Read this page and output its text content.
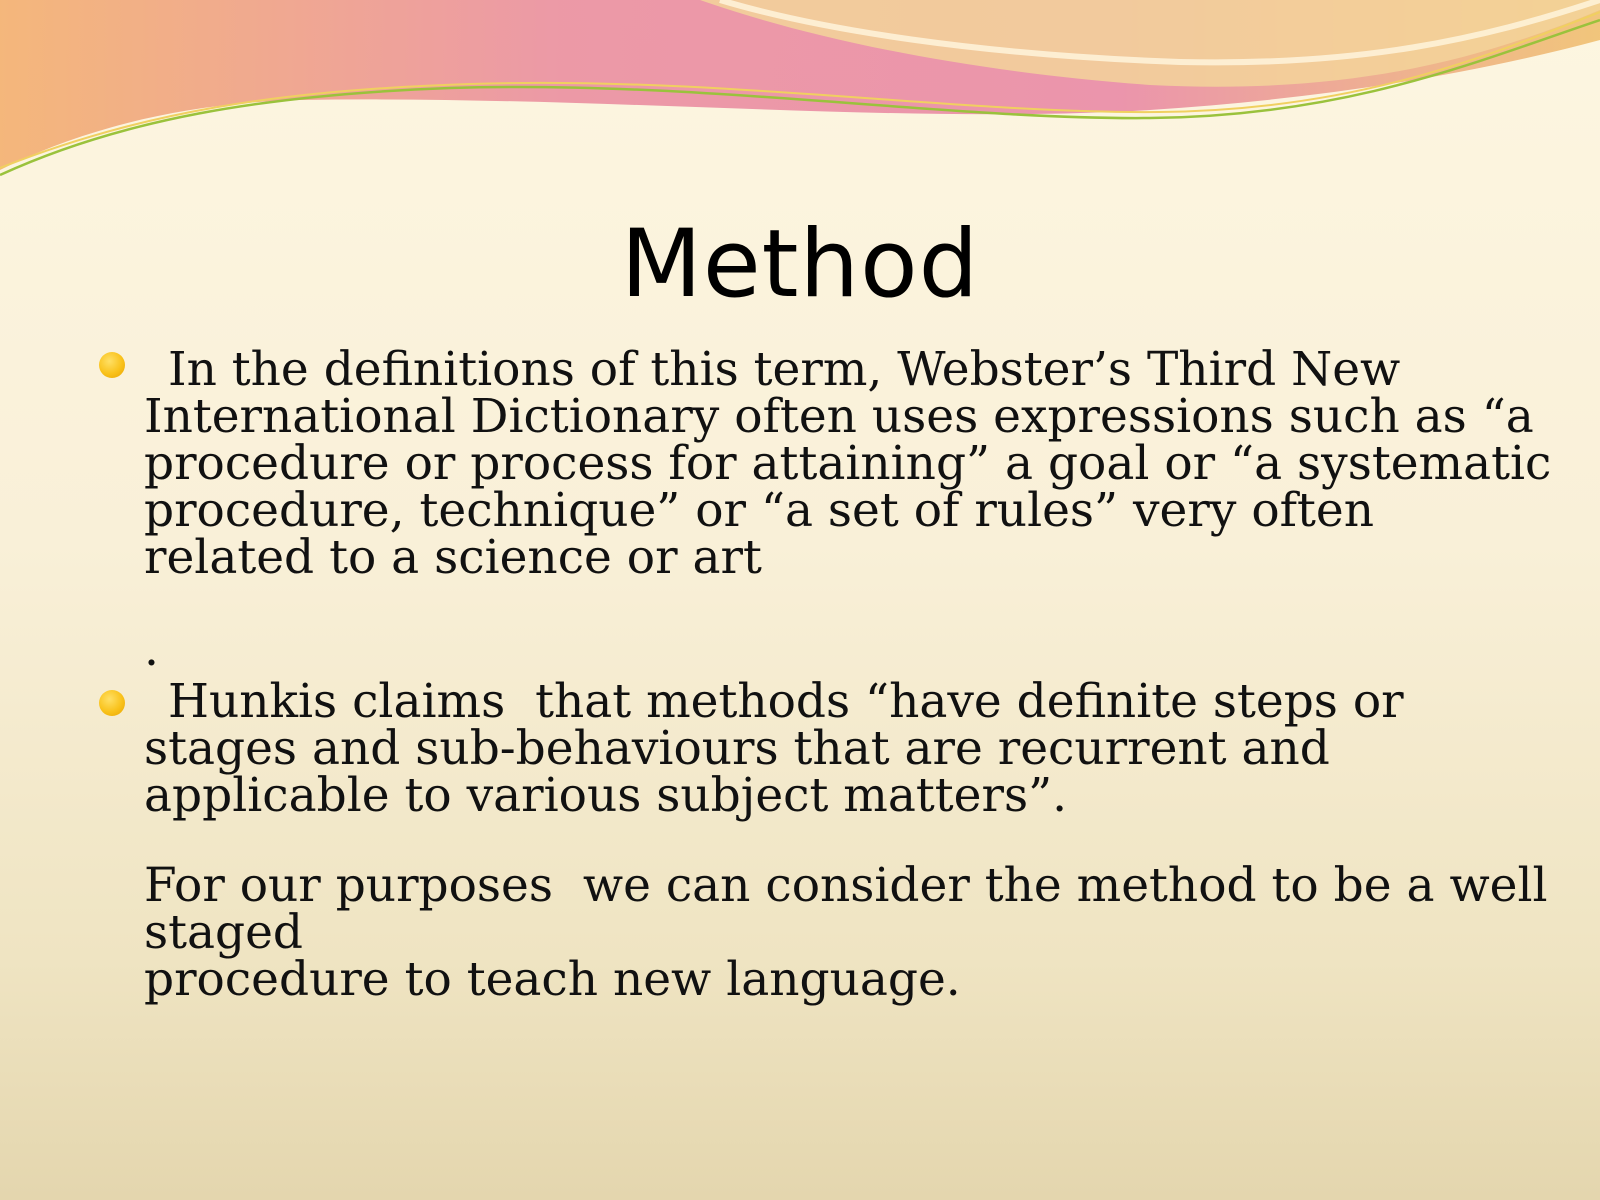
Method
In the definitions of this term, Webster’s Third New
International Dictionary often uses expressions such as “a
procedure or process for attaining” a goal or “a systematic
procedure, technique” or “a set of rules” very often
related to a science or art
.
Hunkis claims  that methods “have definite steps or
stages and sub-behaviours that are recurrent and
applicable to various subject matters”.
For our purposes  we can consider the method to be a well
staged
procedure to teach new language.
